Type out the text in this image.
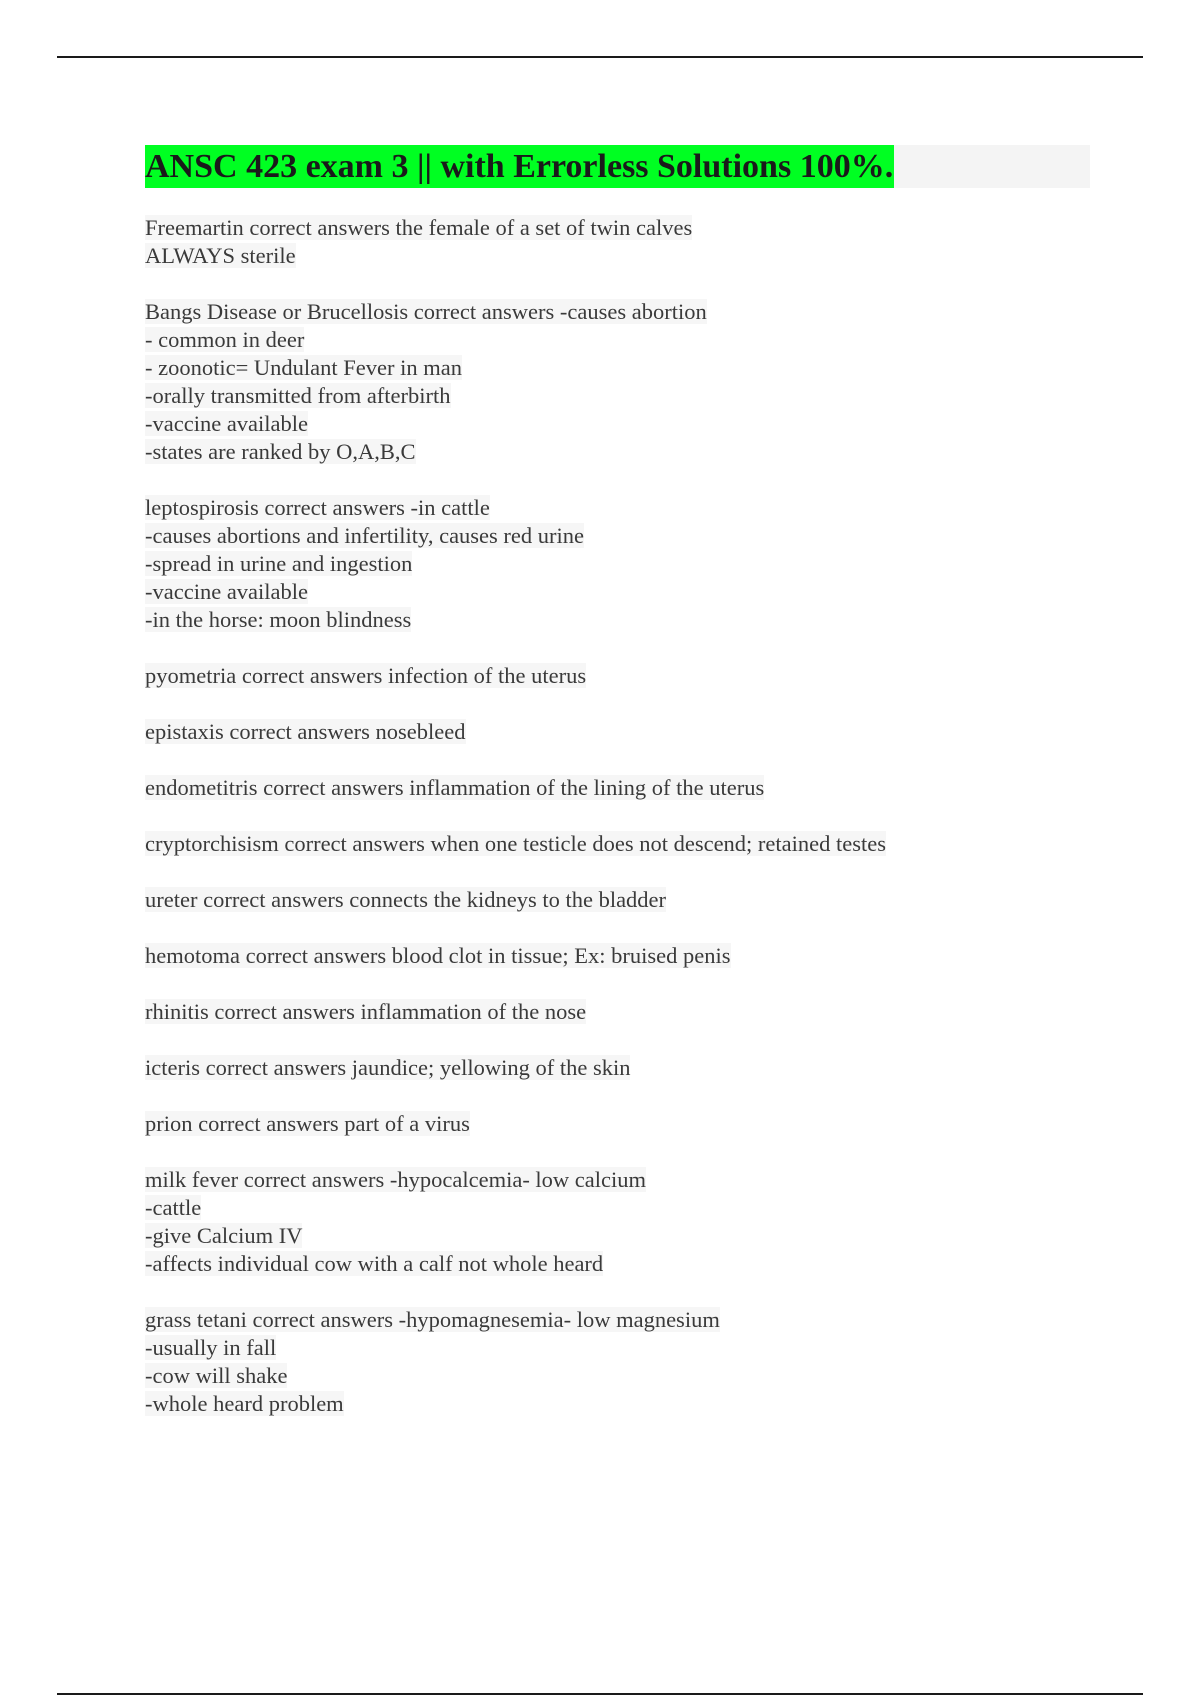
ANSC 423 exam 3 || with Errorless Solutions 100%.
Freemartin correct answers the female of a set of twin calves
ALWAYS sterile
Bangs Disease or Brucellosis correct answers -causes abortion
- common in deer
- zoonotic= Undulant Fever in man
-orally transmitted from afterbirth
-vaccine available
-states are ranked by O,A,B,C
leptospirosis correct answers -in cattle
-causes abortions and infertility, causes red urine
-spread in urine and ingestion
-vaccine available
-in the horse: moon blindness
pyometria correct answers infection of the uterus
epistaxis correct answers nosebleed
endometitris correct answers inflammation of the lining of the uterus
cryptorchisism correct answers when one testicle does not descend; retained testes
ureter correct answers connects the kidneys to the bladder
hemotoma correct answers blood clot in tissue; Ex: bruised penis
rhinitis correct answers inflammation of the nose
icteris correct answers jaundice; yellowing of the skin
prion correct answers part of a virus
milk fever correct answers -hypocalcemia- low calcium
-cattle
-give Calcium IV
-affects individual cow with a calf not whole heard
grass tetani correct answers -hypomagnesemia- low magnesium
-usually in fall
-cow will shake
-whole heard problem
